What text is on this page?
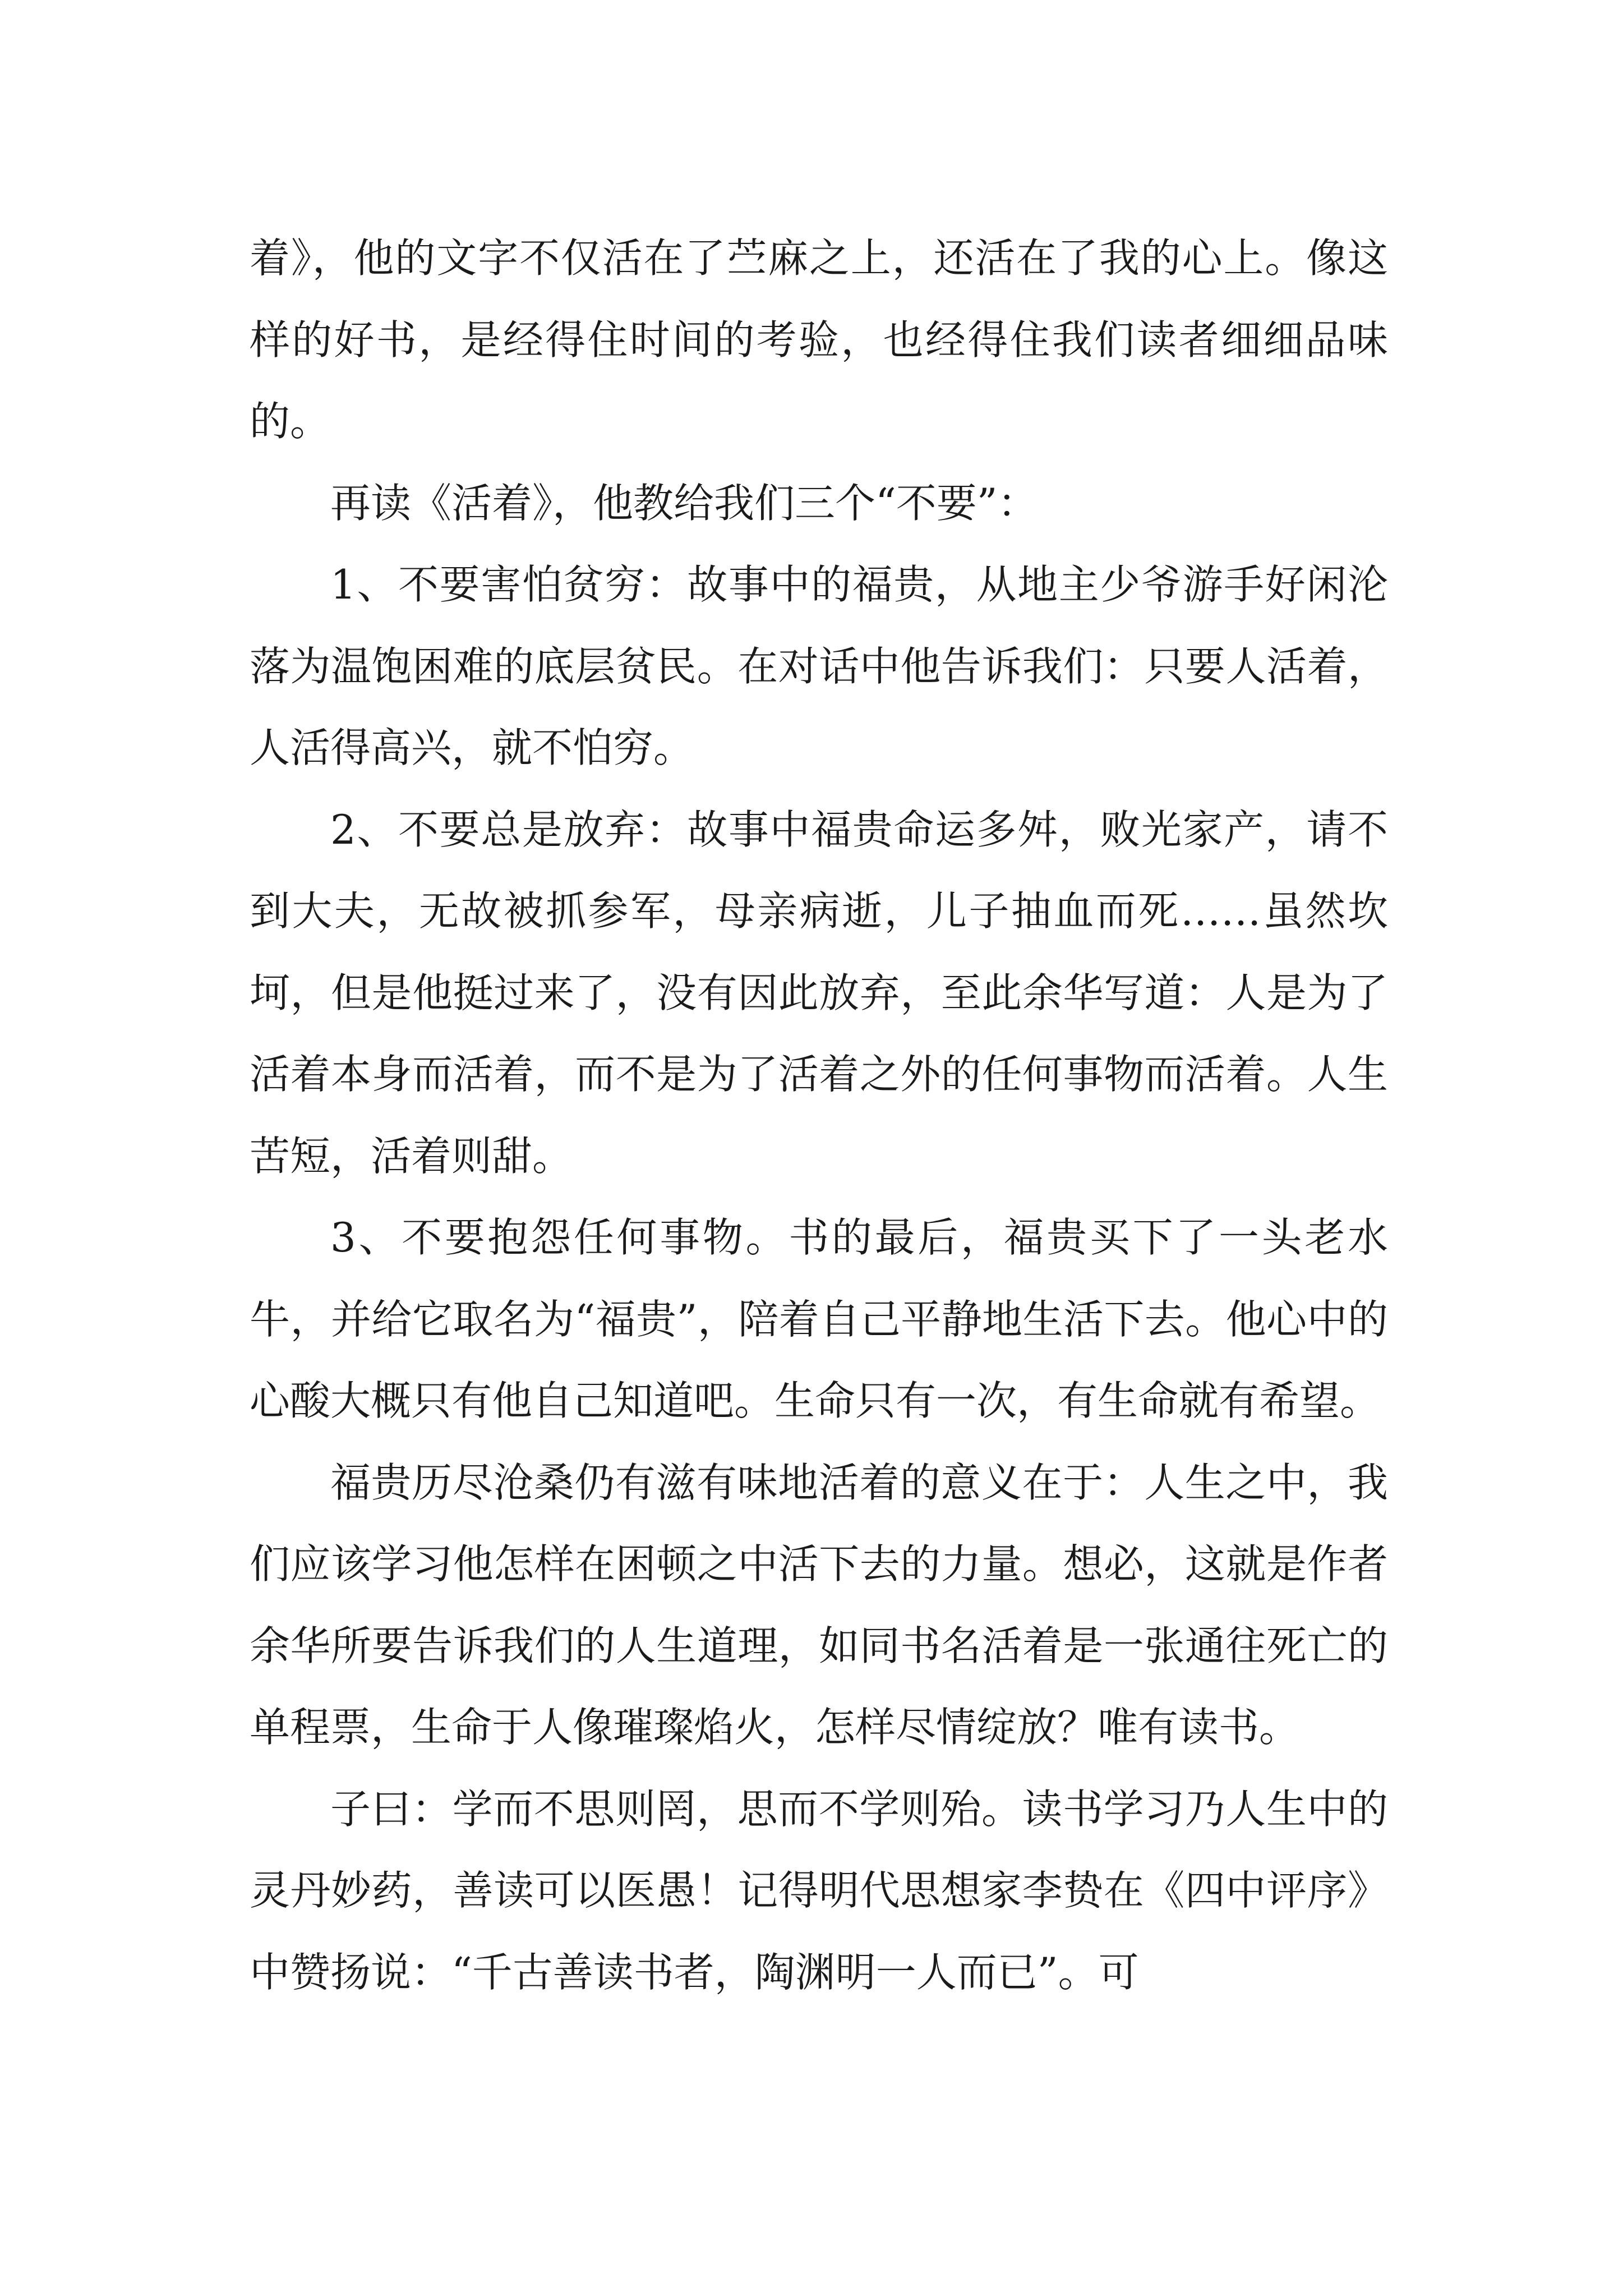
着》，他的文字不仅活在了苎麻之上，还活在了我的心上。像这样的好书，是经得住时间的考验，也经得住我们读者细细品味的。

再读《活着》，他教给我们三个“不要”：

1、不要害怕贫穷：故事中的福贵，从地主少爷游手好闲沦落为温饱困难的底层贫民。在对话中他告诉我们：只要人活着，人活得高兴，就不怕穷。

2、不要总是放弃：故事中福贵命运多舛，败光家产，请不到大夫，无故被抓参军，母亲病逝，儿子抽血而死……虽然坎坷，但是他挺过来了，没有因此放弃，至此余华写道：人是为了活着本身而活着，而不是为了活着之外的任何事物而活着。人生苦短，活着则甜。

3、不要抱怨任何事物。书的最后，福贵买下了一头老水牛，并给它取名为“福贵”，陪着自己平静地生活下去。他心中的心酸大概只有他自己知道吧。生命只有一次，有生命就有希望。

福贵历尽沧桑仍有滋有味地活着的意义在于：人生之中，我们应该学习他怎样在困顿之中活下去的力量。想必，这就是作者余华所要告诉我们的人生道理，如同书名活着是一张通往死亡的单程票，生命于人像璀璨焰火，怎样尽情绽放？唯有读书。

子曰：学而不思则罔，思而不学则殆。读书学习乃人生中的灵丹妙药，善读可以医愚！记得明代思想家李贽在《四中评序》中赞扬说：“千古善读书者，陶渊明一人而已”。可
